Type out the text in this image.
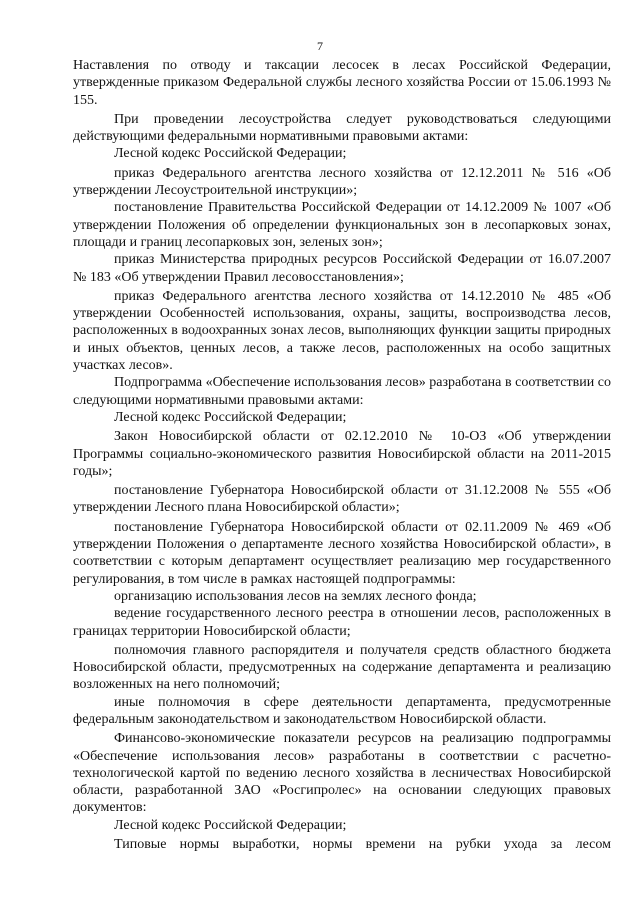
7

Наставления по отводу и таксации лесосек в лесах Российской Федерации, утвержденные приказом Федеральной службы лесного хозяйства России от 15.06.1993 № 155.

При проведении лесоустройства следует руководствоваться следующими действующими федеральными нормативными правовыми актами:

Лесной кодекс Российской Федерации;

приказ Федерального агентства лесного хозяйства от 12.12.2011 № 516 «Об утверждении Лесоустроительной инструкции»;

постановление Правительства Российской Федерации от 14.12.2009 № 1007 «Об утверждении Положения об определении функциональных зон в лесопарковых зонах, площади и границ лесопарковых зон, зеленых зон»;

приказ Министерства природных ресурсов Российской Федерации от 16.07.2007 № 183 «Об утверждении Правил лесовосстановления»;

приказ Федерального агентства лесного хозяйства от 14.12.2010 № 485 «Об утверждении Особенностей использования, охраны, защиты, воспроизводства лесов, расположенных в водоохранных зонах лесов, выполняющих функции защиты природных и иных объектов, ценных лесов, а также лесов, расположенных на особо защитных участках лесов».

Подпрограмма «Обеспечение использования лесов» разработана в соответствии со следующими нормативными правовыми актами:

Лесной кодекс Российской Федерации;

Закон Новосибирской области от 02.12.2010 № 10-ОЗ «Об утверждении Программы социально-экономического развития Новосибирской области на 2011-2015 годы»;

постановление Губернатора Новосибирской области от 31.12.2008 № 555 «Об утверждении Лесного плана Новосибирской области»;

постановление Губернатора Новосибирской области от 02.11.2009 № 469 «Об утверждении Положения о департаменте лесного хозяйства Новосибирской области», в соответствии с которым департамент осуществляет реализацию мер государственного регулирования, в том числе в рамках настоящей подпрограммы:

организацию использования лесов на землях лесного фонда;

ведение государственного лесного реестра в отношении лесов, расположенных в границах территории Новосибирской области;

полномочия главного распорядителя и получателя средств областного бюджета Новосибирской области, предусмотренных на содержание департамента и реализацию возложенных на него полномочий;

иные полномочия в сфере деятельности департамента, предусмотренные федеральным законодательством и законодательством Новосибирской области.

Финансово-экономические показатели ресурсов на реализацию подпрограммы «Обеспечение использования лесов» разработаны в соответствии с расчетно-технологической картой по ведению лесного хозяйства в лесничествах Новосибирской области, разработанной ЗАО «Росгипролес» на основании следующих правовых документов:

Лесной кодекс Российской Федерации;

Типовые нормы выработки, нормы времени на рубки ухода за лесом
